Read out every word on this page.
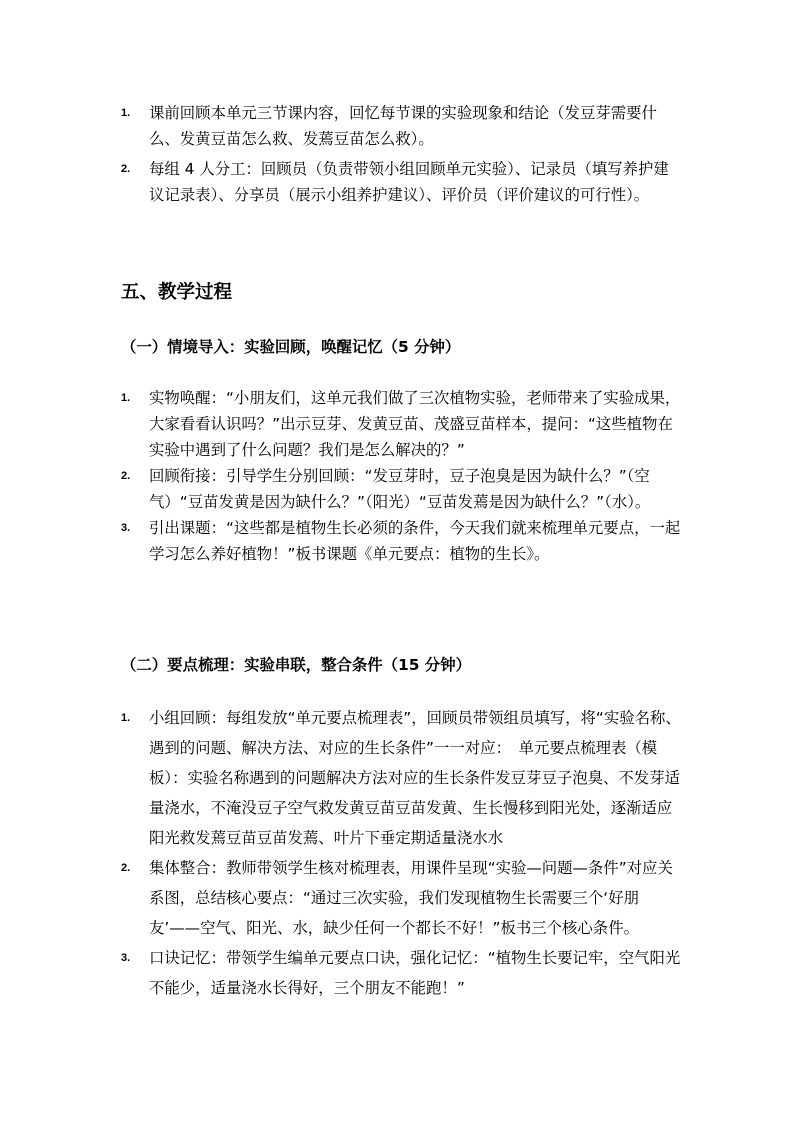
1. 课前回顾本单元三节课内容，回忆每节课的实验现象和结论（发豆芽需要什么、发黄豆苗怎么救、发蔫豆苗怎么救）。
2. 每组 4 人分工：回顾员（负责带领小组回顾单元实验）、记录员（填写养护建议记录表）、分享员（展示小组养护建议）、评价员（评价建议的可行性）。
五、教学过程
（一）情境导入：实验回顾，唤醒记忆（5 分钟）
1. 实物唤醒：“小朋友们，这单元我们做了三次植物实验，老师带来了实验成果，大家看看认识吗？”出示豆芽、发黄豆苗、茂盛豆苗样本，提问：“这些植物在实验中遇到了什么问题？我们是怎么解决的？”
2. 回顾衔接：引导学生分别回顾：“发豆芽时，豆子泡臭是因为缺什么？”（空气）“豆苗发黄是因为缺什么？”（阳光）“豆苗发蔫是因为缺什么？”（水）。
3. 引出课题：“这些都是植物生长必须的条件，今天我们就来梳理单元要点，一起学习怎么养好植物！”板书课题《单元要点：植物的生长》。
（二）要点梳理：实验串联，整合条件（15 分钟）
1. 小组回顾：每组发放“单元要点梳理表”，回顾员带领组员填写，将“实验名称、遇到的问题、解决方法、对应的生长条件”一一对应：　单元要点梳理表（模板）：实验名称遇到的问题解决方法对应的生长条件发豆芽豆子泡臭、不发芽适量浇水，不淹没豆子空气救发黄豆苗豆苗发黄、生长慢移到阳光处，逐渐适应阳光救发蔫豆苗豆苗发蔫、叶片下垂定期适量浇水水
2. 集体整合：教师带领学生核对梳理表，用课件呈现“实验—问题—条件”对应关系图，总结核心要点：“通过三次实验，我们发现植物生长需要三个‘好朋友’——空气、阳光、水，缺少任何一个都长不好！”板书三个核心条件。
3. 口诀记忆：带领学生编单元要点口诀，强化记忆：“植物生长要记牢，空气阳光不能少，适量浇水长得好，三个朋友不能跑！”
